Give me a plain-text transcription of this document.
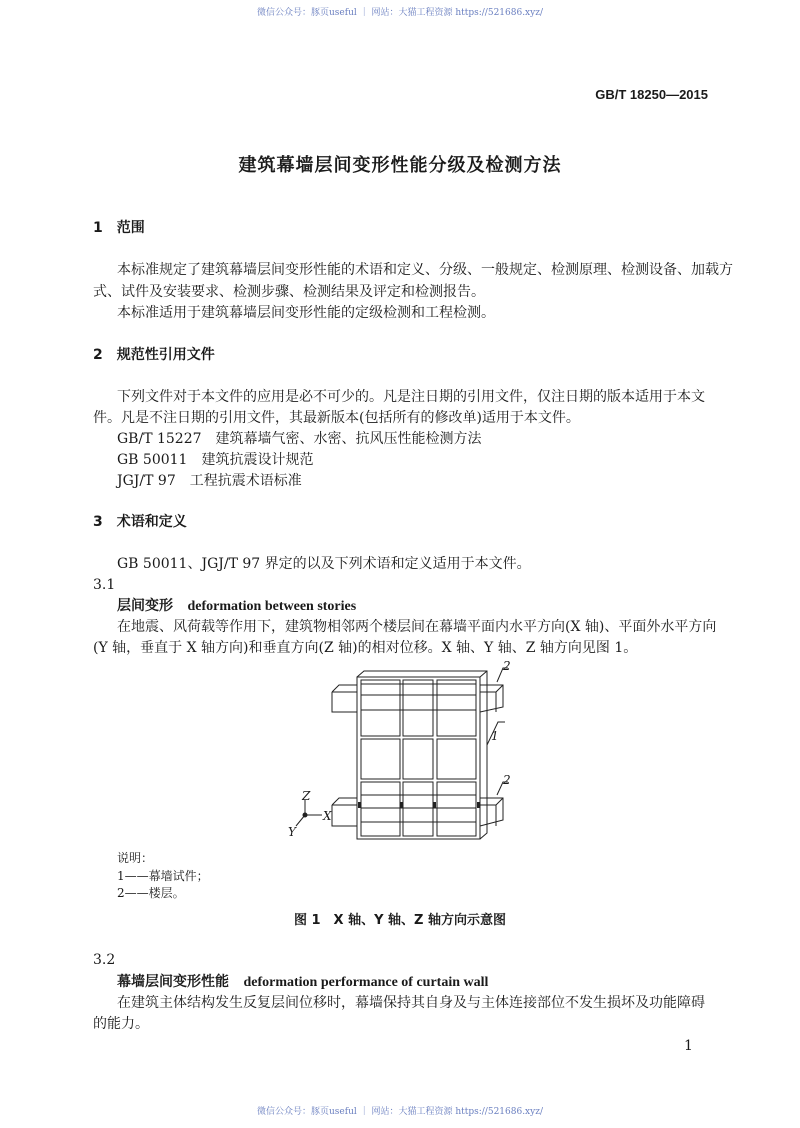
微信公众号：豚页useful ｜ 网站：大猫工程资源 https://521686.xyz/
GB/T 18250—2015
建筑幕墙层间变形性能分级及检测方法
1　范围
本标准规定了建筑幕墙层间变形性能的术语和定义、分级、一般规定、检测原理、检测设备、加载方
式、试件及安装要求、检测步骤、检测结果及评定和检测报告。
本标准适用于建筑幕墙层间变形性能的定级检测和工程检测。
2　规范性引用文件
下列文件对于本文件的应用是必不可少的。凡是注日期的引用文件，仅注日期的版本适用于本文
件。凡是不注日期的引用文件，其最新版本(包括所有的修改单)适用于本文件。
GB/T 15227　建筑幕墙气密、水密、抗风压性能检测方法
GB 50011　建筑抗震设计规范
JGJ/T 97　工程抗震术语标准
3　术语和定义
GB 50011、JGJ/T 97 界定的以及下列术语和定义适用于本文件。
3.1
层间变形 deformation between stories
在地震、风荷载等作用下，建筑物相邻两个楼层间在幕墙平面内水平方向(X 轴)、平面外水平方向
(Y 轴，垂直于 X 轴方向)和垂直方向(Z 轴)的相对位移。X 轴、Y 轴、Z 轴方向见图 1。
1
2
2
Z
X
Y
说明：
1——幕墙试件；
2——楼层。
图 1　X 轴、Y 轴、Z 轴方向示意图
3.2
幕墙层间变形性能 deformation performance of curtain wall
在建筑主体结构发生反复层间位移时，幕墙保持其自身及与主体连接部位不发生损坏及功能障碍
的能力。
1
微信公众号：豚页useful ｜ 网站：大猫工程资源 https://521686.xyz/
